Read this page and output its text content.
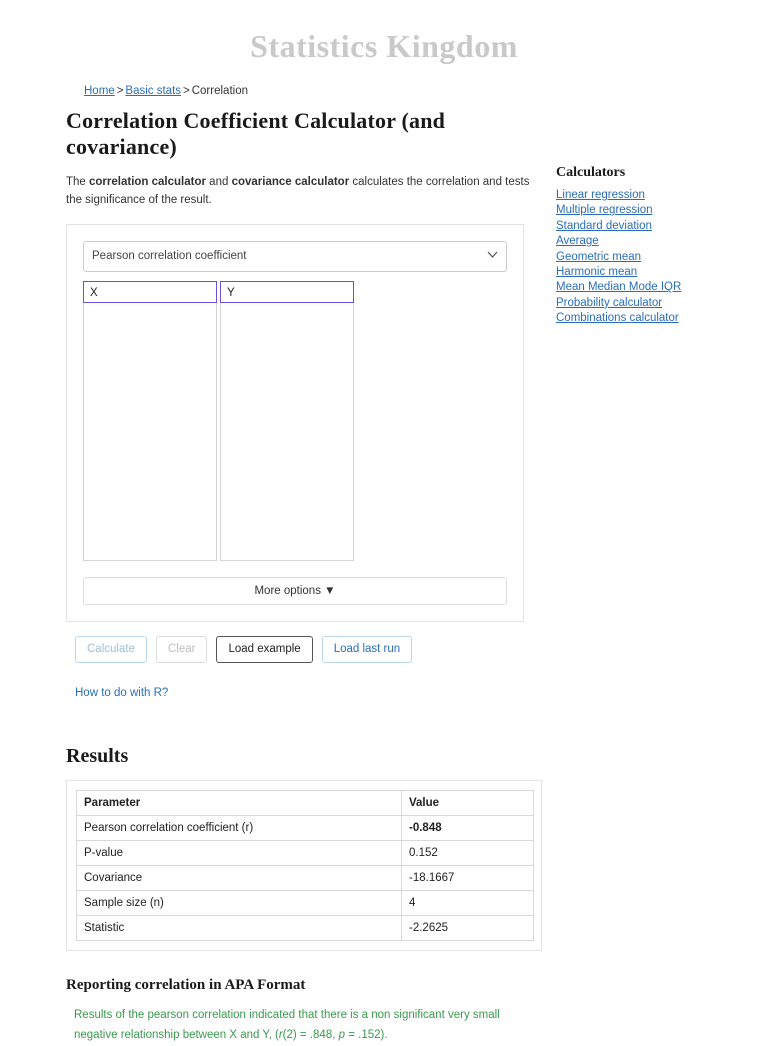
Statistics Kingdom
Home > Basic stats > Correlation
Correlation Coefficient Calculator (and covariance)

The correlation calculator and covariance calculator calculates the correlation and tests the significance of the result.

Pearson correlation coefficient
X	Y
More options ▼
Calculate	Clear	Load example	Load last run
How to do with R?
Results
Parameter	Value
Pearson correlation coefficient (r)	-0.848
P-value	0.152
Covariance	-18.1667
Sample size (n)	4
Statistic	-2.2625
Reporting correlation in APA Format
Results of the pearson correlation indicated that there is a non significant very small negative relationship between X and Y, (r(2) = .848, p = .152).
Calculators
Linear regression
Multiple regression
Standard deviation
Average
Geometric mean
Harmonic mean
Mean Median Mode IQR
Probability calculator
Combinations calculator
